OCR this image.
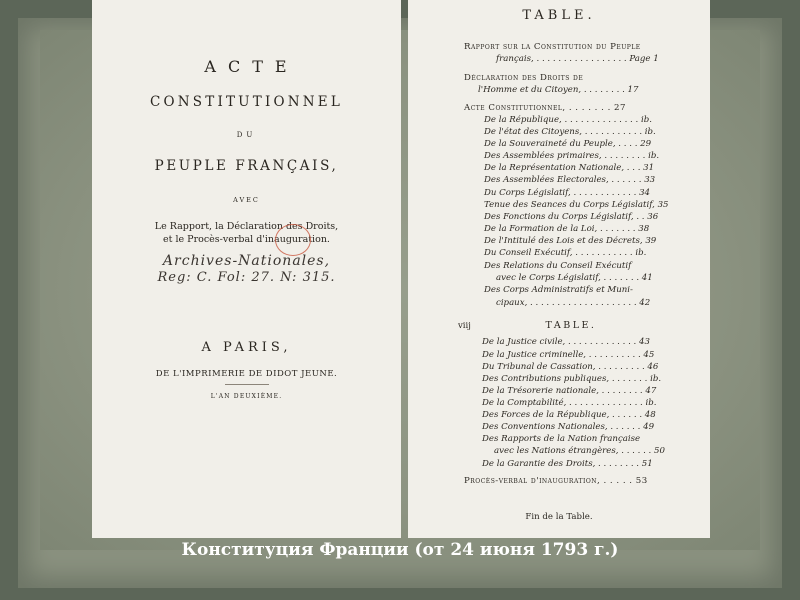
ACTE
CONSTITUTIONNEL
DU
PEUPLE FRANÇAIS,
AVEC
Le Rapport, la Déclaration des Droits,
et le Procès-verbal d'inauguration.
Archives-Nationales,
Reg: C. Fol: 27. N: 315.
A PARIS,
DE L'IMPRIMERIE DE DIDOT JEUNE.
L'AN DEUXIÈME.
TABLE.
Rapport sur la Constitution du Peuple
français, . . . . . . . . . . . . . . . . . Page 1
Déclaration des Droits de
l'Homme et du Citoyen, . . . . . . . . 17
Acte Constitutionnel, . . . . . . . 27
De la République, . . . . . . . . . . . . . . ib.
De l'état des Citoyens, . . . . . . . . . . . ib.
De la Souveraineté du Peuple, . . . . 29
Des Assemblées primaires, . . . . . . . . ib.
De la Représentation Nationale, . . . 31
Des Assemblées Electorales, . . . . . . 33
Du Corps Législatif, . . . . . . . . . . . . 34
Tenue des Seances du Corps Législatif, 35
Des Fonctions du Corps Législatif, . . 36
De la Formation de la Loi, . . . . . . . 38
De l'Intitulé des Lois et des Décrets, 39
Du Conseil Exécutif, . . . . . . . . . . . ib.
Des Relations du Conseil Exécutif
avec le Corps Législatif, . . . . . . . 41
Des Corps Administratifs et Muni-
cipaux, . . . . . . . . . . . . . . . . . . . . 42
viij	TABLE.
De la Justice civile, . . . . . . . . . . . . . 43
De la Justice criminelle, . . . . . . . . . . 45
Du Tribunal de Cassation, . . . . . . . . . 46
Des Contributions publiques, . . . . . . . ib.
De la Trésorerie nationale, . . . . . . . . 47
De la Comptabilité, . . . . . . . . . . . . . . ib.
Des Forces de la République, . . . . . . 48
Des Conventions Nationales, . . . . . . 49
Des Rapports de la Nation française
avec les Nations étrangères, . . . . . . 50
De la Garantie des Droits, . . . . . . . . 51
Procès-verbal d'inauguration, . . . . . 53
Fin de la Table.
Конституция Франции (от 24 июня 1793 г.)
